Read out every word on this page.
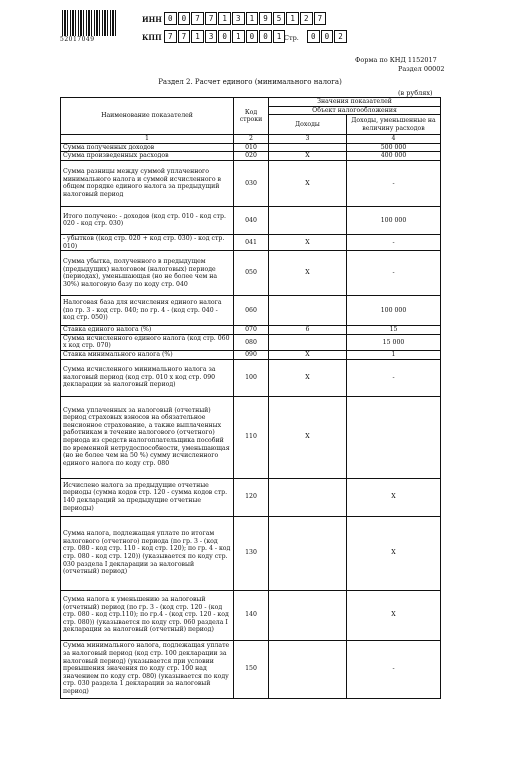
52017049
ИНН 0	0	7	7	1	3	1	9	5	1	2	7
КПП 7	7	1	3	0	1	0	0	1 Стр.	0	0	2
Форма по КНД 1152017
Раздел 00002
Раздел 2. Расчет единого (минимального налога)
(в рублях)
Наименование показателей	Код строки	Значения показателей	
		Объект налогообложения	
		Доходы	Доходы, уменьшенные на величину расходов
1	2	3	4
Сумма полученных доходов	010		500 000
Сумма произведенных расходов	020	X	400 000
Сумма разницы между суммой уплаченного минимального налога и суммой исчисленного в общем порядке единого налога за предыдущий налоговый период	030	X	-
Итого получено: - доходов (код стр. 010 - код стр. 020 - код стр. 030)	040		100 000
- убытков ((код стр. 020 + код стр. 030) - код стр. 010)	041	X	-
Сумма убытка, полученного в предыдущем (предыдущих) налоговом (налоговых) периоде (периодах), уменьшающая (но не более чем на 30%) налоговую базу по коду стр. 040	050	X	-
Налоговая база для исчисления единого налога (по гр. 3 - код стр. 040; по гр. 4 - (код стр. 040 - код стр. 050))	060		100 000
Ставка единого налога (%)	070	6	15
Сумма исчисленного единого налога (код стр. 060 х код стр. 070)	080		15 000
Ставка минимального налога (%)	090	X	1
Сумма исчисленного минимального налога за налоговый период (код стр. 010 х код стр. 090 декларации за налоговый период)	100	X	-
Сумма уплаченных за налоговый (отчетный) период страховых взносов на обязательное пенсионное страхование, а также выплаченных работникам в течение налогового (отчетного) периода из средств налогоплательщика пособий по временной нетрудоспособности, уменьшающая (но не более чем на 50 %) сумму исчисленного единого налога по коду стр. 080	110	X	
Исчислено налога за предыдущие отчетные периоды (сумма кодов стр. 120 - сумма кодов стр. 140 деклараций за предыдущие отчетные периоды)	120		X
Сумма налога, подлежащая уплате по итогам налогового (отчетного) периода (по гр. 3 - (код стр. 080 - код стр. 110 - код стр. 120); по гр. 4 - код стр. 080 - код стр. 120)) (указывается по коду стр. 030 раздела I декларации за налоговый (отчетный) период)	130		X
Сумма налога к уменьшению за налоговый (отчетный) период (по гр. 3 - (код стр. 120 - (код стр. 080 - код стр.110); по гр.4 - (код стр. 120 - код стр. 080)) (указывается по коду стр. 060 раздела I декларации за налоговый (отчетный) период)	140		X
Сумма минимального налога, подлежащая уплате за налоговый период (код стр. 100 декларации за налоговый период) (указывается при условии превышения значения по коду стр. 100 над значением по коду стр. 080) (указывается по коду стр. 030 раздела 1 декларации за налоговый период)	150		-
